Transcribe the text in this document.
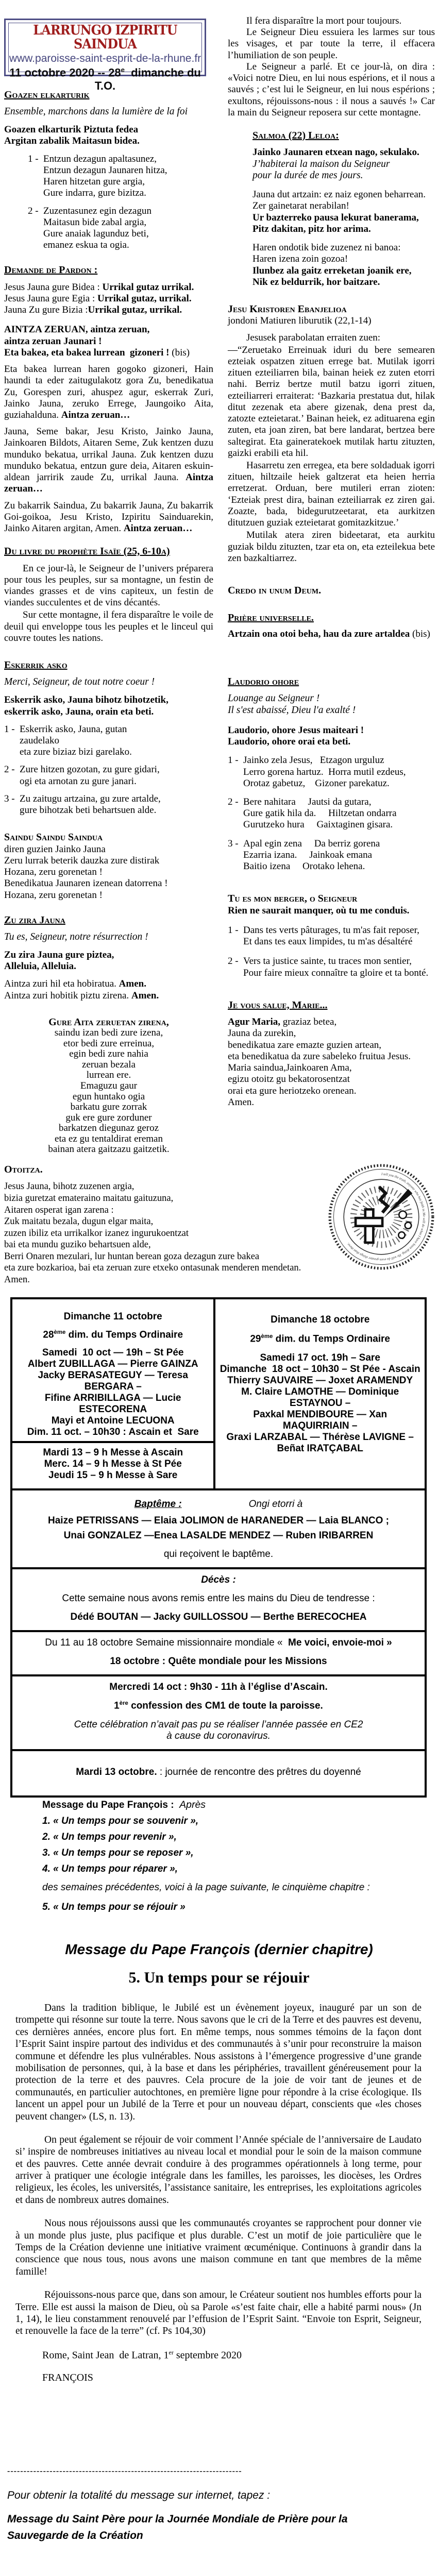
LARRUNGO IZPIRITU SAINDUA
www.paroisse-saint-esprit-de-la-rhune.fr
11 octobre 2020 -- 28e  dimanche du T.O.
Goazen elkarturik
Ensemble, marchons dans la lumière de la foi
Goazen elkarturik Piztuta fedea
Argitan zabalik Maitasun bidea.
1 - Entzun dezagun apaltasunez,
Entzun dezagun Jaunaren hitza,
Haren hitzetan gure argia,
Gure indarra, gure bizitza.
2 - Zuzentasunez egin dezagun
Maitasun bide zabal argia,
Gure anaiak lagunduz beti,
emanez eskua ta ogia.
Demande de Pardon :
Jesus Jauna gure Bidea : Urrikal gutaz urrikal.
Jesus Jauna gure Egia : Urrikal gutaz, urrikal.
Jauna Zu gure Bizia :Urrikal gutaz, urrikal.
AINTZA ZERUAN, aintza zeruan,
aintza zeruan Jaunari !
Eta bakea, eta bakea lurrean  gizoneri ! (bis)

Eta bakea lurrean haren gogoko gizoneri, Hain haundi ta eder zaitugulakotz gora Zu, benedikatua Zu, Gorespen zuri, ahuspez agur, eskerrak Zuri, Jainko Jauna, zeruko Errege, Jaungoiko Aita, guziahalduna. Aintza zeruan…

Jauna, Seme bakar, Jesu Kristo, Jainko Jauna, Jainkoaren Bildots, Aitaren Seme, Zuk kentzen duzu munduko bekatua, urrikal Jauna. Zuk kentzen duzu munduko bekatua, entzun gure deia, Aitaren eskuin-aldean jarririk zaude Zu, urrikal Jauna. Aintza zeruan…

Zu bakarrik Saindua, Zu bakarrik Jauna, Zu bakarrik Goi-goikoa, Jesu Kristo, Izpiritu Sainduarekin, Jainko Aitaren argitan, Amen. Aintza zeruan…

Du livre du prophète Isaïe (25, 6-10a)
En ce jour-là, le Seigneur de l’univers préparera pour tous les peuples, sur sa montagne, un festin de viandes grasses et de vins capiteux, un festin de viandes succulentes et de vins décantés.
Sur cette montagne, il fera disparaître le voile de deuil qui enveloppe tous les peuples et le linceul qui couvre toutes les nations.
Eskerrik asko
Merci, Seigneur, de tout notre coeur !
Eskerrik asko, Jauna bihotz bihotzetik,
eskerrik asko, Jauna, orain eta beti.
1 - Eskerrik asko, Jauna, gutan
zaudelako
eta zure biziaz bizi garelako.
2 - Zure hitzen gozotan, zu gure gidari,
ogi eta arnotan zu gure janari.
3 - Zu zaitugu artzaina, gu zure artalde,
gure bihotzak beti behartsuen alde.
Saindu Saindu Saindua
diren guzien Jainko Jauna
Zeru lurrak beterik dauzka zure distirak
Hozana, zeru gorenetan !
Benedikatua Jaunaren izenean datorrena !
Hozana, zeru gorenetan !
Zu zira Jauna
Tu es, Seigneur, notre résurrection !
Zu zira Jauna gure piztea,
Alleluia, Alleluia.
Aintza zuri hil eta hobiratua. Amen.
Aintza zuri hobitik piztu zirena. Amen.
Gure Aita zeruetan zirena,
saindu izan bedi zure izena,
etor bedi zure erreinua,
egin bedi zure nahia
zeruan bezala
lurrean ere.
Emaguzu gaur
egun huntako ogia
barkatu gure zorrak
guk ere gure zorduner
barkatzen diegunaz geroz
eta ez gu tentaldirat ereman
bainan atera gaitzazu gaitzetik.
Il fera disparaître la mort pour toujours.
Le Seigneur Dieu essuiera les larmes sur tous les visages, et par toute la terre, il effacera l’humiliation de son peuple.
Le Seigneur a parlé. Et ce jour-là, on dira : «Voici notre Dieu, en lui nous espérions, et il nous a sauvés ; c’est lui le Seigneur, en lui nous espérions ; exultons, réjouissons-nous : il nous a sauvés !» Car la main du Seigneur reposera sur cette montagne.
Salmoa (22) Leloa:
Jainko Jaunaren etxean nago, sekulako.
J’habiterai la maison du Seigneur
pour la durée de mes jours.
Jauna dut artzain: ez naiz egonen beharrean.
Zer gainetarat nerabilan!
Ur bazterreko pausa lekurat banerama,
Pitz dakitan, pitz hor arima.
Haren ondotik bide zuzenez ni banoa:
Haren izena zoin gozoa!
Ilunbez ala gaitz erreketan joanik ere,
Nik ez beldurrik, hor baitzare.
Jesu Kristoren Ebanjelioa
jondoni Matiuren liburutik (22,1-14)
Jesusek parabolatan erraiten zuen:
—“Zeruetako Erreinuak iduri du bere semearen ezteiak ospatzen zituen errege bat. Mutilak igorri zituen ezteiliarren bila, bainan heiek ez zuten etorri nahi. Berriz bertze mutil batzu igorri zituen, ezteiliarreri erraiterat: ‘Bazkaria prestatua dut, hilak ditut zezenak eta abere gizenak, dena prest da, zatozte ezteietarat.’ Bainan heiek, ez adituarena egin zuten, eta joan ziren, bat bere landarat, bertzea bere saltegirat. Eta gaineratekoek mutilak hartu zituzten, gaizki erabili eta hil.
Hasarretu zen erregea, eta bere soldaduak igorri zituen, hiltzaile heiek galtzerat eta heien herria erretzerat. Orduan, bere mutileri erran zioten: ‘Ezteiak prest dira, bainan ezteiliarrak ez ziren gai. Zoazte, bada, bidegurutzeetarat, eta aurkitzen ditutzuen guziak ezteietarat gomitazkitzue.’
Mutilak atera ziren bideetarat, eta aurkitu guziak bildu zituzten, tzar eta on, eta ezteilekua bete zen bazkaltiarrez.
Credo in unum Deum.
Prière universelle.
Artzain ona otoi beha, hau da zure artaldea (bis)
Laudorio ohore
Louange au Seigneur !
Il s'est abaissé, Dieu l'a exalté !
Laudorio, ohore Jesus maiteari !
Laudorio, ohore orai eta beti.
1 - Jainko zela Jesus,   Etzagon urguluz
Lerro gorena hartuz.  Horra mutil ezdeus,
Orotaz gabetuz,    Gizoner parekatuz.
2 - Bere nahitara     Jautsi da gutara,
Gure gatik hila da.     Hiltzetan ondarra
Gurutzeko hura     Gaixtaginen gisara.
3 - Apal egin zena     Da berriz gorena
Ezarria izana.     Jainkoak emana
Baitio izena     Orotako lehena.
Tu es mon berger, o Seigneur
Rien ne saurait manquer, où tu me conduis.
1 - Dans tes verts pâturages, tu m'as fait reposer,
Et dans tes eaux limpides, tu m'as désaltéré
2 - Vers ta justice sainte, tu traces mon sentier,
Pour faire mieux connaître ta gloire et ta bonté.
Je vous salue, Marie...
Agur Maria, graziaz betea,
Jauna da zurekin,
benedikatua zare emazte guzien artean,
eta benedikatua da zure sabeleko fruitua Jesus.
Maria saindua,Jainkoaren Ama,
egizu otoitz gu bekatorosentzat
orai eta gure heriotzeko orenean.
Amen.
Otoitza.
Jesus Jauna, bihotz zuzenen argia,
bizia guretzat emateraino maitatu gaituzuna,
Aitaren osperat igan zarena :
Zuk maitatu bezala, dugun elgar maita,
zuzen ibiliz eta urrikalkor izanez ingurukoentzat
bai eta mundu guziko behartsuen alde,
Berri Onaren mezulari, lur huntan berean goza dezagun zure bakea
eta zure bozkarioa, bai eta zeruan zure etxeko ontasunak menderen mendetan.
Amen.
I tell you the truth, anyone who has faith in Me will do what I have been doing. He will do even greater things than these.
Dimanche 11 octobre
28ème dim. du Temps Ordinaire
Samedi  10 oct — 19h – St Pée
Albert ZUBILLAGA — Pierre GAINZA
Jacky BERASATEGUY — Teresa BERGARA –
Fifine ARRIBILLAGA — Lucie ESTECORENA
Mayi et Antoine LECUONA
Dim. 11 oct. – 10h30 : Ascain et  Sare
Mardi 13 – 9 h Messe à Ascain
Merc. 14 – 9 h Messe à St Pée
Jeudi 15 – 9 h Messe à Sare
Dimanche 18 octobre
29ème dim. du Temps Ordinaire
Samedi 17 oct. 19h – Sare
Dimanche  18 oct – 10h30 – St Pée - Ascain
Thierry SAUVAIRE — Joxet ARAMENDY
M. Claire LAMOTHE — Dominique ESTAYNOU –
Paxkal MENDIBOURE — Xan MAQUIRRIAIN –
Graxi LARZABAL — Thérèse LAVIGNE –
Beñat IRATÇABAL
Baptême :	Ongi etorri à
Haize PETRISSANS — Elaia JOLIMON de HARANEDER — Laia BLANCO ;
Unai GONZALEZ —Enea LASALDE MENDEZ — Ruben IRIBARREN
qui reçoivent le baptême.
Décès :
Cette semaine nous avons remis entre les mains du Dieu de tendresse :
Dédé BOUTAN — Jacky GUILLOSSOU — Berthe BERECOCHEA
Du 11 au 18 octobre Semaine missionnaire mondiale «  Me voici, envoie-moi »
18 octobre : Quête mondiale pour les Missions
Mercredi 14 oct : 9h30 - 11h à l’église d’Ascain.
1ère confession des CM1 de toute la paroisse.
Cette célébration n’avait pas pu se réaliser l’année passée en CE2
à cause du coronavirus.
Mardi 13 octobre. : journée de rencontre des prêtres du doyenné
Message du Pape François :  Après
1. « Un temps pour se souvenir »,
2. « Un temps pour revenir »,
3. « Un temps pour se reposer »,
4. « Un temps pour réparer »,
des semaines précédentes, voici à la page suivante, le cinquième chapitre :
5. « Un temps pour se réjouir »
Message du Pape François (dernier chapitre)
5. Un temps pour se réjouir
Dans la tradition biblique, le Jubilé est un évènement joyeux, inauguré par un son de trompette qui résonne sur toute la terre. Nous savons que le cri de la Terre et des pauvres est devenu, ces dernières années, encore plus fort. En même temps, nous sommes témoins de la façon dont l’Esprit Saint inspire partout des individus et des communautés à s’unir pour reconstruire la maison commune et défendre les plus vulnérables. Nous assistons à l’émergence progressive d’une grande mobilisation de personnes, qui, à la base et dans les périphéries, travaillent généreusement pour la protection de la terre et des pauvres. Cela procure de la joie de voir tant de jeunes et de communautés, en particulier autochtones, en première ligne pour répondre à la crise écologique. Ils lancent un appel pour un Jubilé de la Terre et pour un nouveau départ, conscients que «les choses peuvent changer» (LS, n. 13).
On peut également se réjouir de voir comment l’Année spéciale de l’anniversaire de Laudato si’ inspire de nombreuses initiatives au niveau local et mondial pour le soin de la maison commune et des pauvres. Cette année devrait conduire à des programmes opérationnels à long terme, pour arriver à pratiquer une écologie intégrale dans les familles, les paroisses, les diocèses, les Ordres religieux, les écoles, les universités, l’assistance sanitaire, les entreprises, les exploitations agricoles et dans de nombreux autres domaines.
Nous nous réjouissons aussi que les communautés croyantes se rapprochent pour donner vie à un monde plus juste, plus pacifique et plus durable. C’est un motif de joie particulière que le Temps de la Création devienne une initiative vraiment œcuménique. Continuons à grandir dans la conscience que nous tous, nous avons une maison commune en tant que membres de la même famille!
Réjouissons-nous parce que, dans son amour, le Créateur soutient nos humbles efforts pour la Terre. Elle est aussi la maison de Dieu, où sa Parole «s’est faite chair, elle a habité parmi nous» (Jn 1, 14), le lieu constamment renouvelé par l’effusion de l’Esprit Saint. “Envoie ton Esprit, Seigneur, et renouvelle la face de la terre” (cf. Ps 104,30)
Rome, Saint Jean  de Latran, 1er septembre 2020
FRANÇOIS
------------------------------------------------------------------------
Pour obtenir la totalité du message sur internet, tapez :
Message du Saint Père pour la Journée Mondiale de Prière pour la Sauvegarde de la Création
